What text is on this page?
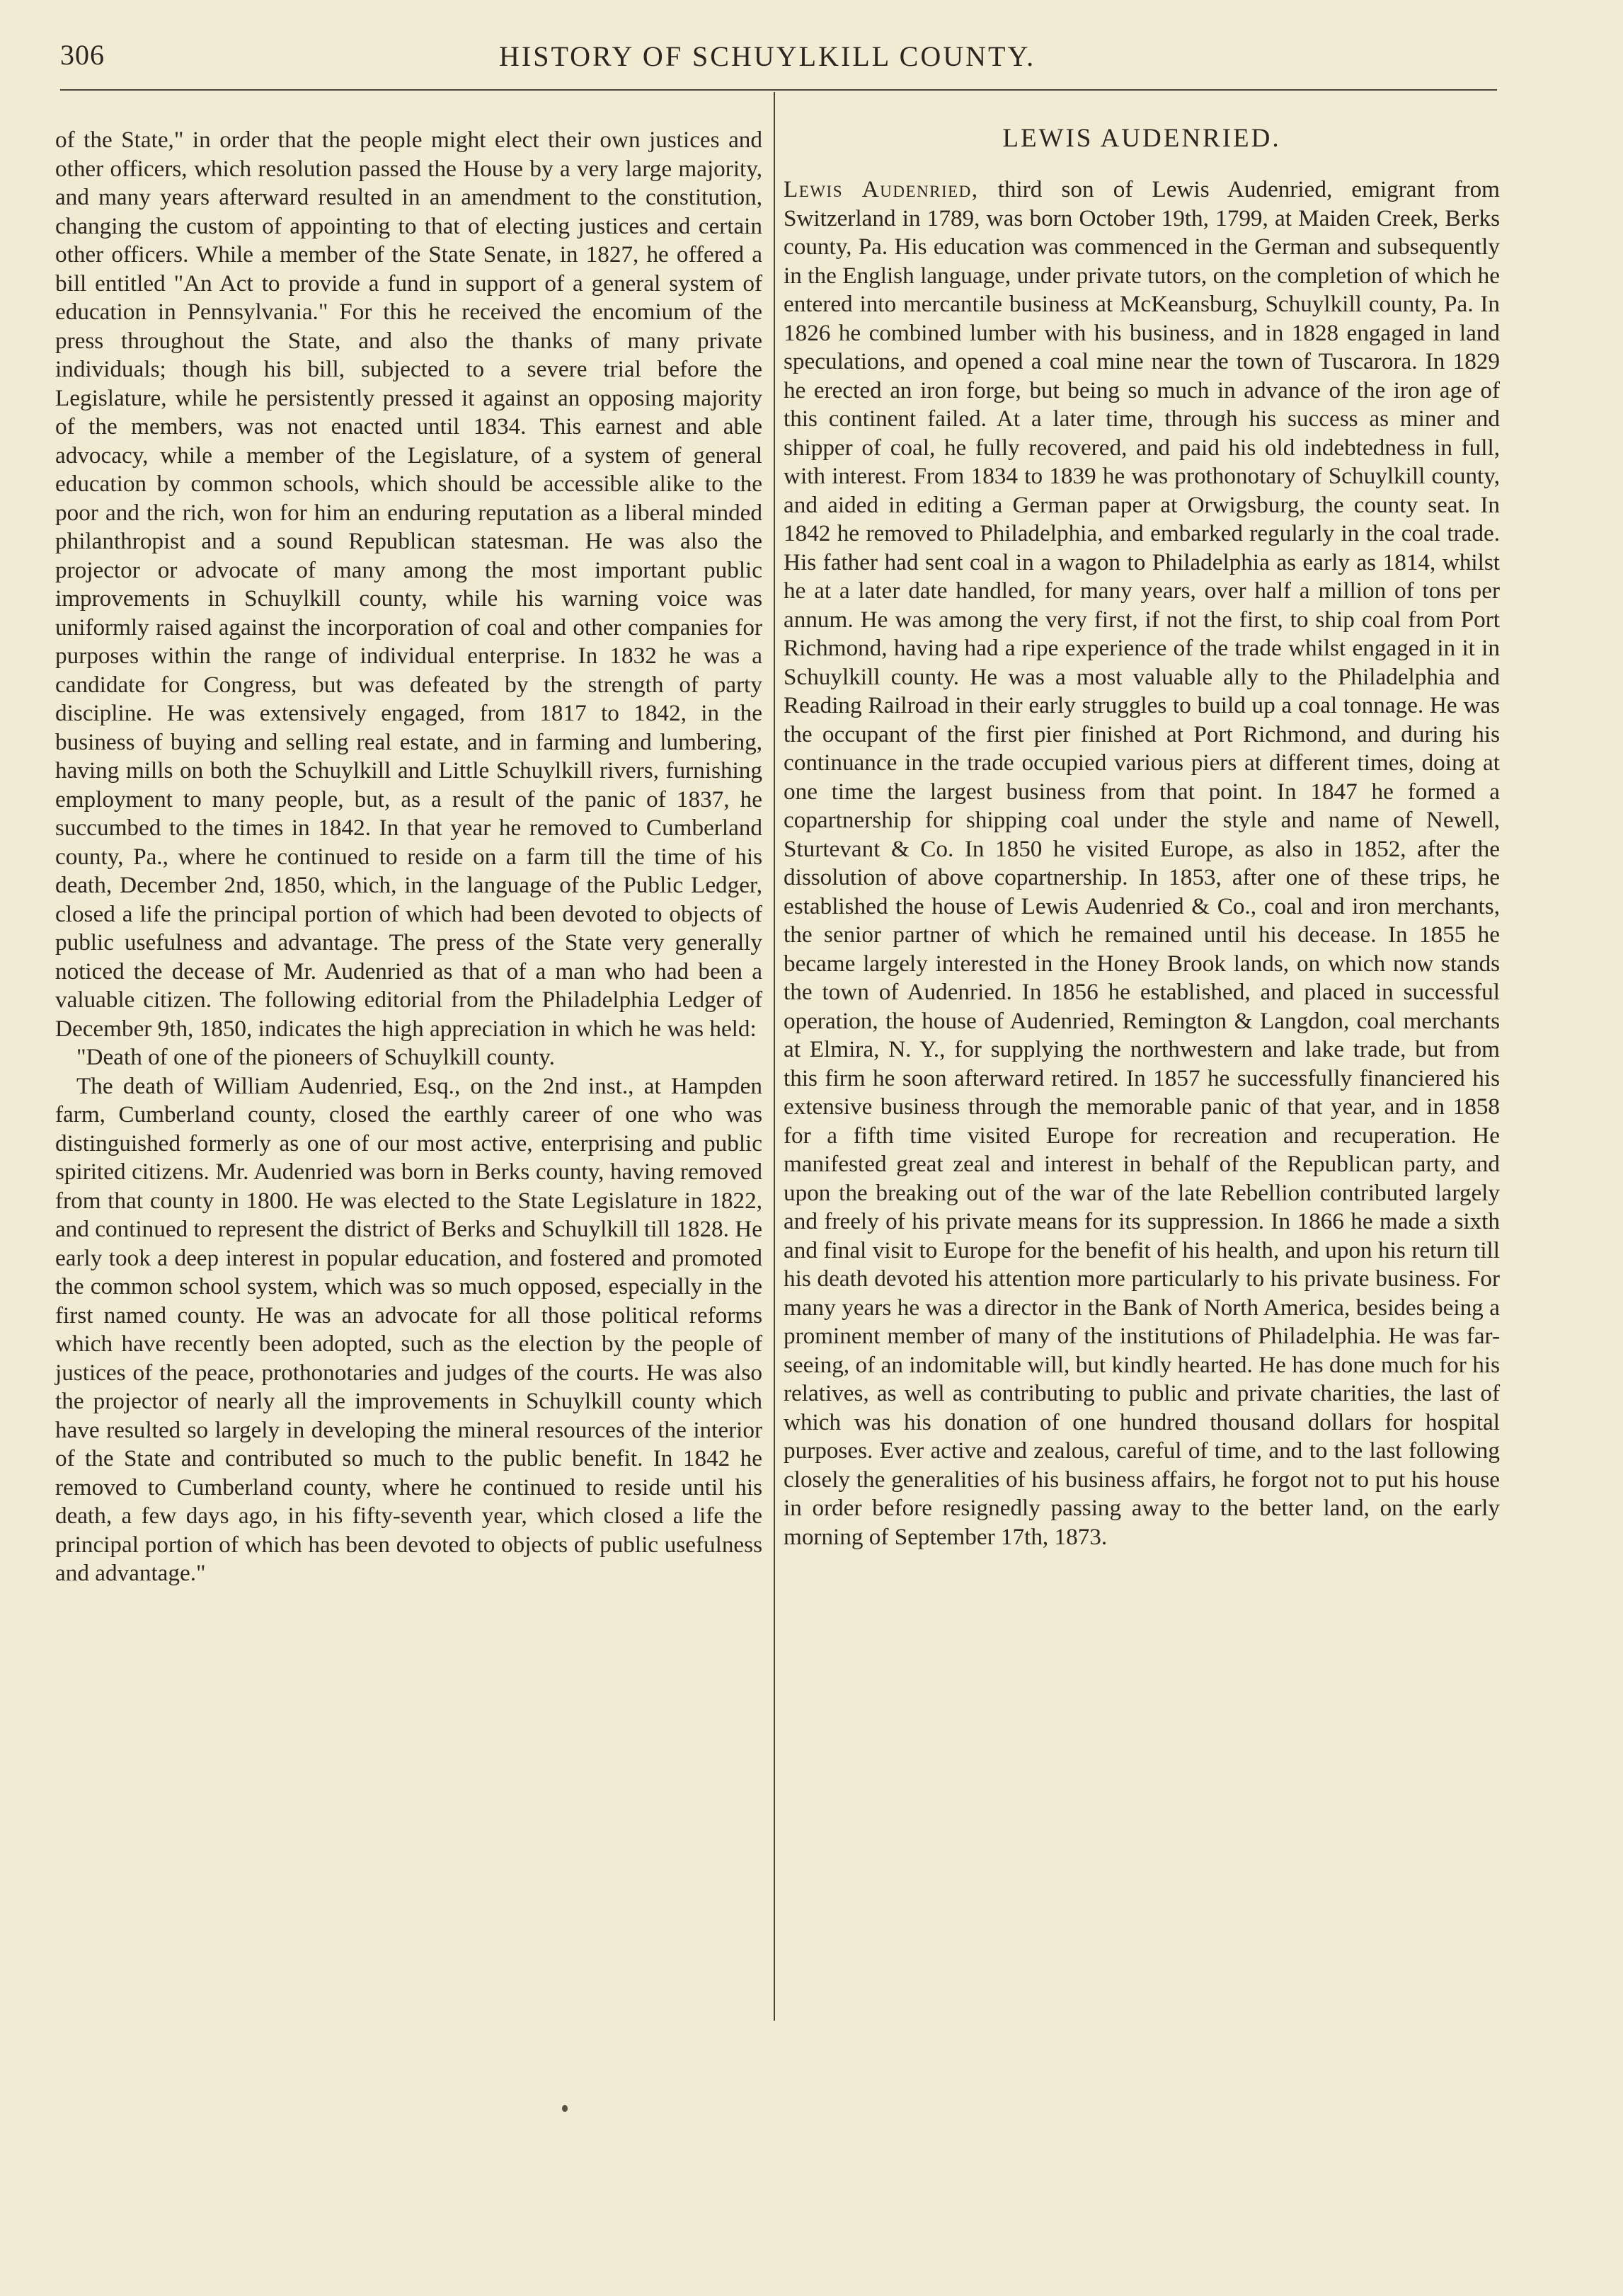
306	HISTORY OF SCHUYLKILL COUNTY.

of the State," in order that the people might elect their own justices and other officers, which resolution passed the House by a very large majority, and many years afterward resulted in an amendment to the constitution, changing the custom of appointing to that of electing justices and certain other officers. While a member of the State Senate, in 1827, he offered a bill entitled "An Act to provide a fund in support of a general system of education in Pennsylvania." For this he received the encomium of the press throughout the State, and also the thanks of many private individuals; though his bill, subjected to a severe trial before the Legislature, while he persistently pressed it against an opposing majority of the members, was not enacted until 1834. This earnest and able advocacy, while a member of the Legislature, of a system of general education by common schools, which should be accessible alike to the poor and the rich, won for him an enduring reputation as a liberal minded philanthropist and a sound Republican statesman. He was also the projector or advocate of many among the most important public improvements in Schuylkill county, while his warning voice was uniformly raised against the incorporation of coal and other companies for purposes within the range of individual enterprise. In 1832 he was a candidate for Congress, but was defeated by the strength of party discipline. He was extensively engaged, from 1817 to 1842, in the business of buying and selling real estate, and in farming and lumbering, having mills on both the Schuylkill and Little Schuylkill rivers, furnishing employment to many people, but, as a result of the panic of 1837, he succumbed to the times in 1842. In that year he removed to Cumberland county, Pa., where he continued to reside on a farm till the time of his death, December 2nd, 1850, which, in the language of the Public Ledger, closed a life the principal portion of which had been devoted to objects of public usefulness and advantage. The press of the State very generally noticed the decease of Mr. Audenried as that of a man who had been a valuable citizen. The following editorial from the Philadelphia Ledger of December 9th, 1850, indicates the high appreciation in which he was held:

"Death of one of the pioneers of Schuylkill county.

The death of William Audenried, Esq., on the 2nd inst., at Hampden farm, Cumberland county, closed the earthly career of one who was distinguished formerly as one of our most active, enterprising and public spirited citizens. Mr. Audenried was born in Berks county, having removed from that county in 1800. He was elected to the State Legislature in 1822, and continued to represent the district of Berks and Schuylkill till 1828. He early took a deep interest in popular education, and fostered and promoted the common school system, which was so much opposed, especially in the first named county. He was an advocate for all those political reforms which have recently been adopted, such as the election by the people of justices of the peace, prothonotaries and judges of the courts. He was also the projector of nearly all the improvements in Schuylkill county which have resulted so largely in developing the mineral resources of the interior of the State and contributed so much to the public benefit. In 1842 he removed to Cumberland county, where he continued to reside until his death, a few days ago, in his fifty-seventh year, which closed a life the principal portion of which has been devoted to objects of public usefulness and advantage."

LEWIS AUDENRIED.

Lewis Audenried, third son of Lewis Audenried, emigrant from Switzerland in 1789, was born October 19th, 1799, at Maiden Creek, Berks county, Pa. His education was commenced in the German and subsequently in the English language, under private tutors, on the completion of which he entered into mercantile business at McKeansburg, Schuylkill county, Pa. In 1826 he combined lumber with his business, and in 1828 engaged in land speculations, and opened a coal mine near the town of Tuscarora. In 1829 he erected an iron forge, but being so much in advance of the iron age of this continent failed. At a later time, through his success as miner and shipper of coal, he fully recovered, and paid his old indebtedness in full, with interest. From 1834 to 1839 he was prothonotary of Schuylkill county, and aided in editing a German paper at Orwigsburg, the county seat. In 1842 he removed to Philadelphia, and embarked regularly in the coal trade. His father had sent coal in a wagon to Philadelphia as early as 1814, whilst he at a later date handled, for many years, over half a million of tons per annum. He was among the very first, if not the first, to ship coal from Port Richmond, having had a ripe experience of the trade whilst engaged in it in Schuylkill county. He was a most valuable ally to the Philadelphia and Reading Railroad in their early struggles to build up a coal tonnage. He was the occupant of the first pier finished at Port Richmond, and during his continuance in the trade occupied various piers at different times, doing at one time the largest business from that point. In 1847 he formed a copartnership for shipping coal under the style and name of Newell, Sturtevant & Co. In 1850 he visited Europe, as also in 1852, after the dissolution of above copartnership. In 1853, after one of these trips, he established the house of Lewis Audenried & Co., coal and iron merchants, the senior partner of which he remained until his decease. In 1855 he became largely interested in the Honey Brook lands, on which now stands the town of Audenried. In 1856 he established, and placed in successful operation, the house of Audenried, Remington & Langdon, coal merchants at Elmira, N. Y., for supplying the northwestern and lake trade, but from this firm he soon afterward retired. In 1857 he successfully financiered his extensive business through the memorable panic of that year, and in 1858 for a fifth time visited Europe for recreation and recuperation. He manifested great zeal and interest in behalf of the Republican party, and upon the breaking out of the war of the late Rebellion contributed largely and freely of his private means for its suppression. In 1866 he made a sixth and final visit to Europe for the benefit of his health, and upon his return till his death devoted his attention more particularly to his private business. For many years he was a director in the Bank of North America, besides being a prominent member of many of the institutions of Philadelphia. He was far-seeing, of an indomitable will, but kindly hearted. He has done much for his relatives, as well as contributing to public and private charities, the last of which was his donation of one hundred thousand dollars for hospital purposes. Ever active and zealous, careful of time, and to the last following closely the generalities of his business affairs, he forgot not to put his house in order before resignedly passing away to the better land, on the early morning of September 17th, 1873.
